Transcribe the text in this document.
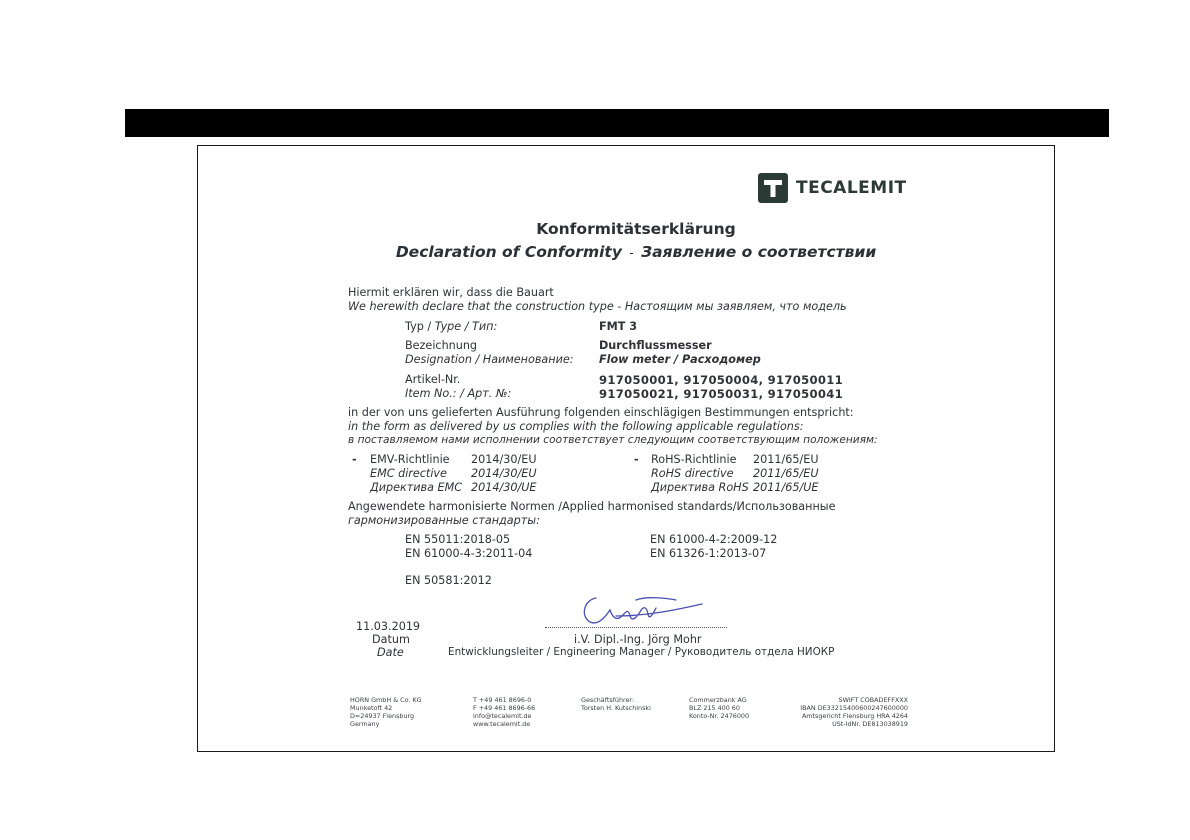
TECALEMIT
Konformitätserklärung
Declaration of Conformity - Заявление о соответствии
Hiermit erklären wir, dass die Bauart
We herewith declare that the construction type - Настоящим мы заявляем, что модель
Typ / Type / Тип:	FMT 3
Bezeichnung
Designation / Наименование:
Durchflussmesser
Flow meter / Расходомер
Artikel-Nr.
Item No.: / Арт. №:
917050001, 917050004, 917050011
917050021, 917050031, 917050041
in der von uns gelieferten Ausführung folgenden einschlägigen Bestimmungen entspricht:
in the form as delivered by us complies with the following applicable regulations:
в поставляемом нами исполнении соответствует следующим соответствующим положениям:
- EMV-Richtlinie
EMC directive
Директива EMC
2014/30/EU
2014/30/EU
2014/30/UE
- RoHS-Richtlinie
RoHS directive
Директива RoHS
2011/65/EU
2011/65/EU
2011/65/UE
Angewendete harmonisierte Normen /Applied harmonised standards/Использованные
гармонизированные стандарты:
EN 55011:2018-05
EN 61000-4-3:2011-04
EN 61000-4-2:2009-12
EN 61326-1:2013-07
EN 50581:2012
11.03.2019
Datum
Date
i.V. Dipl.-Ing. Jörg Mohr
Entwicklungsleiter / Engineering Manager / Руководитель отдела НИОКР
HORN GmbH & Co. KG
Munketoft 42
D=24937 Flensburg
Germany
T +49 461 8696-0
F +49 461 8696-66
info@tecalemit.de
www.tecalemit.de
Geschäftsführer:
Torsten H. Kutschinski
Commerzbank AG
BLZ 215 400 60
Konto-Nr. 2476000
SWIFT COBADEFFXXX
IBAN DE33215400600247600000
Amtsgericht Flensburg HRA 4264
USt-IdNr. DE813038919
